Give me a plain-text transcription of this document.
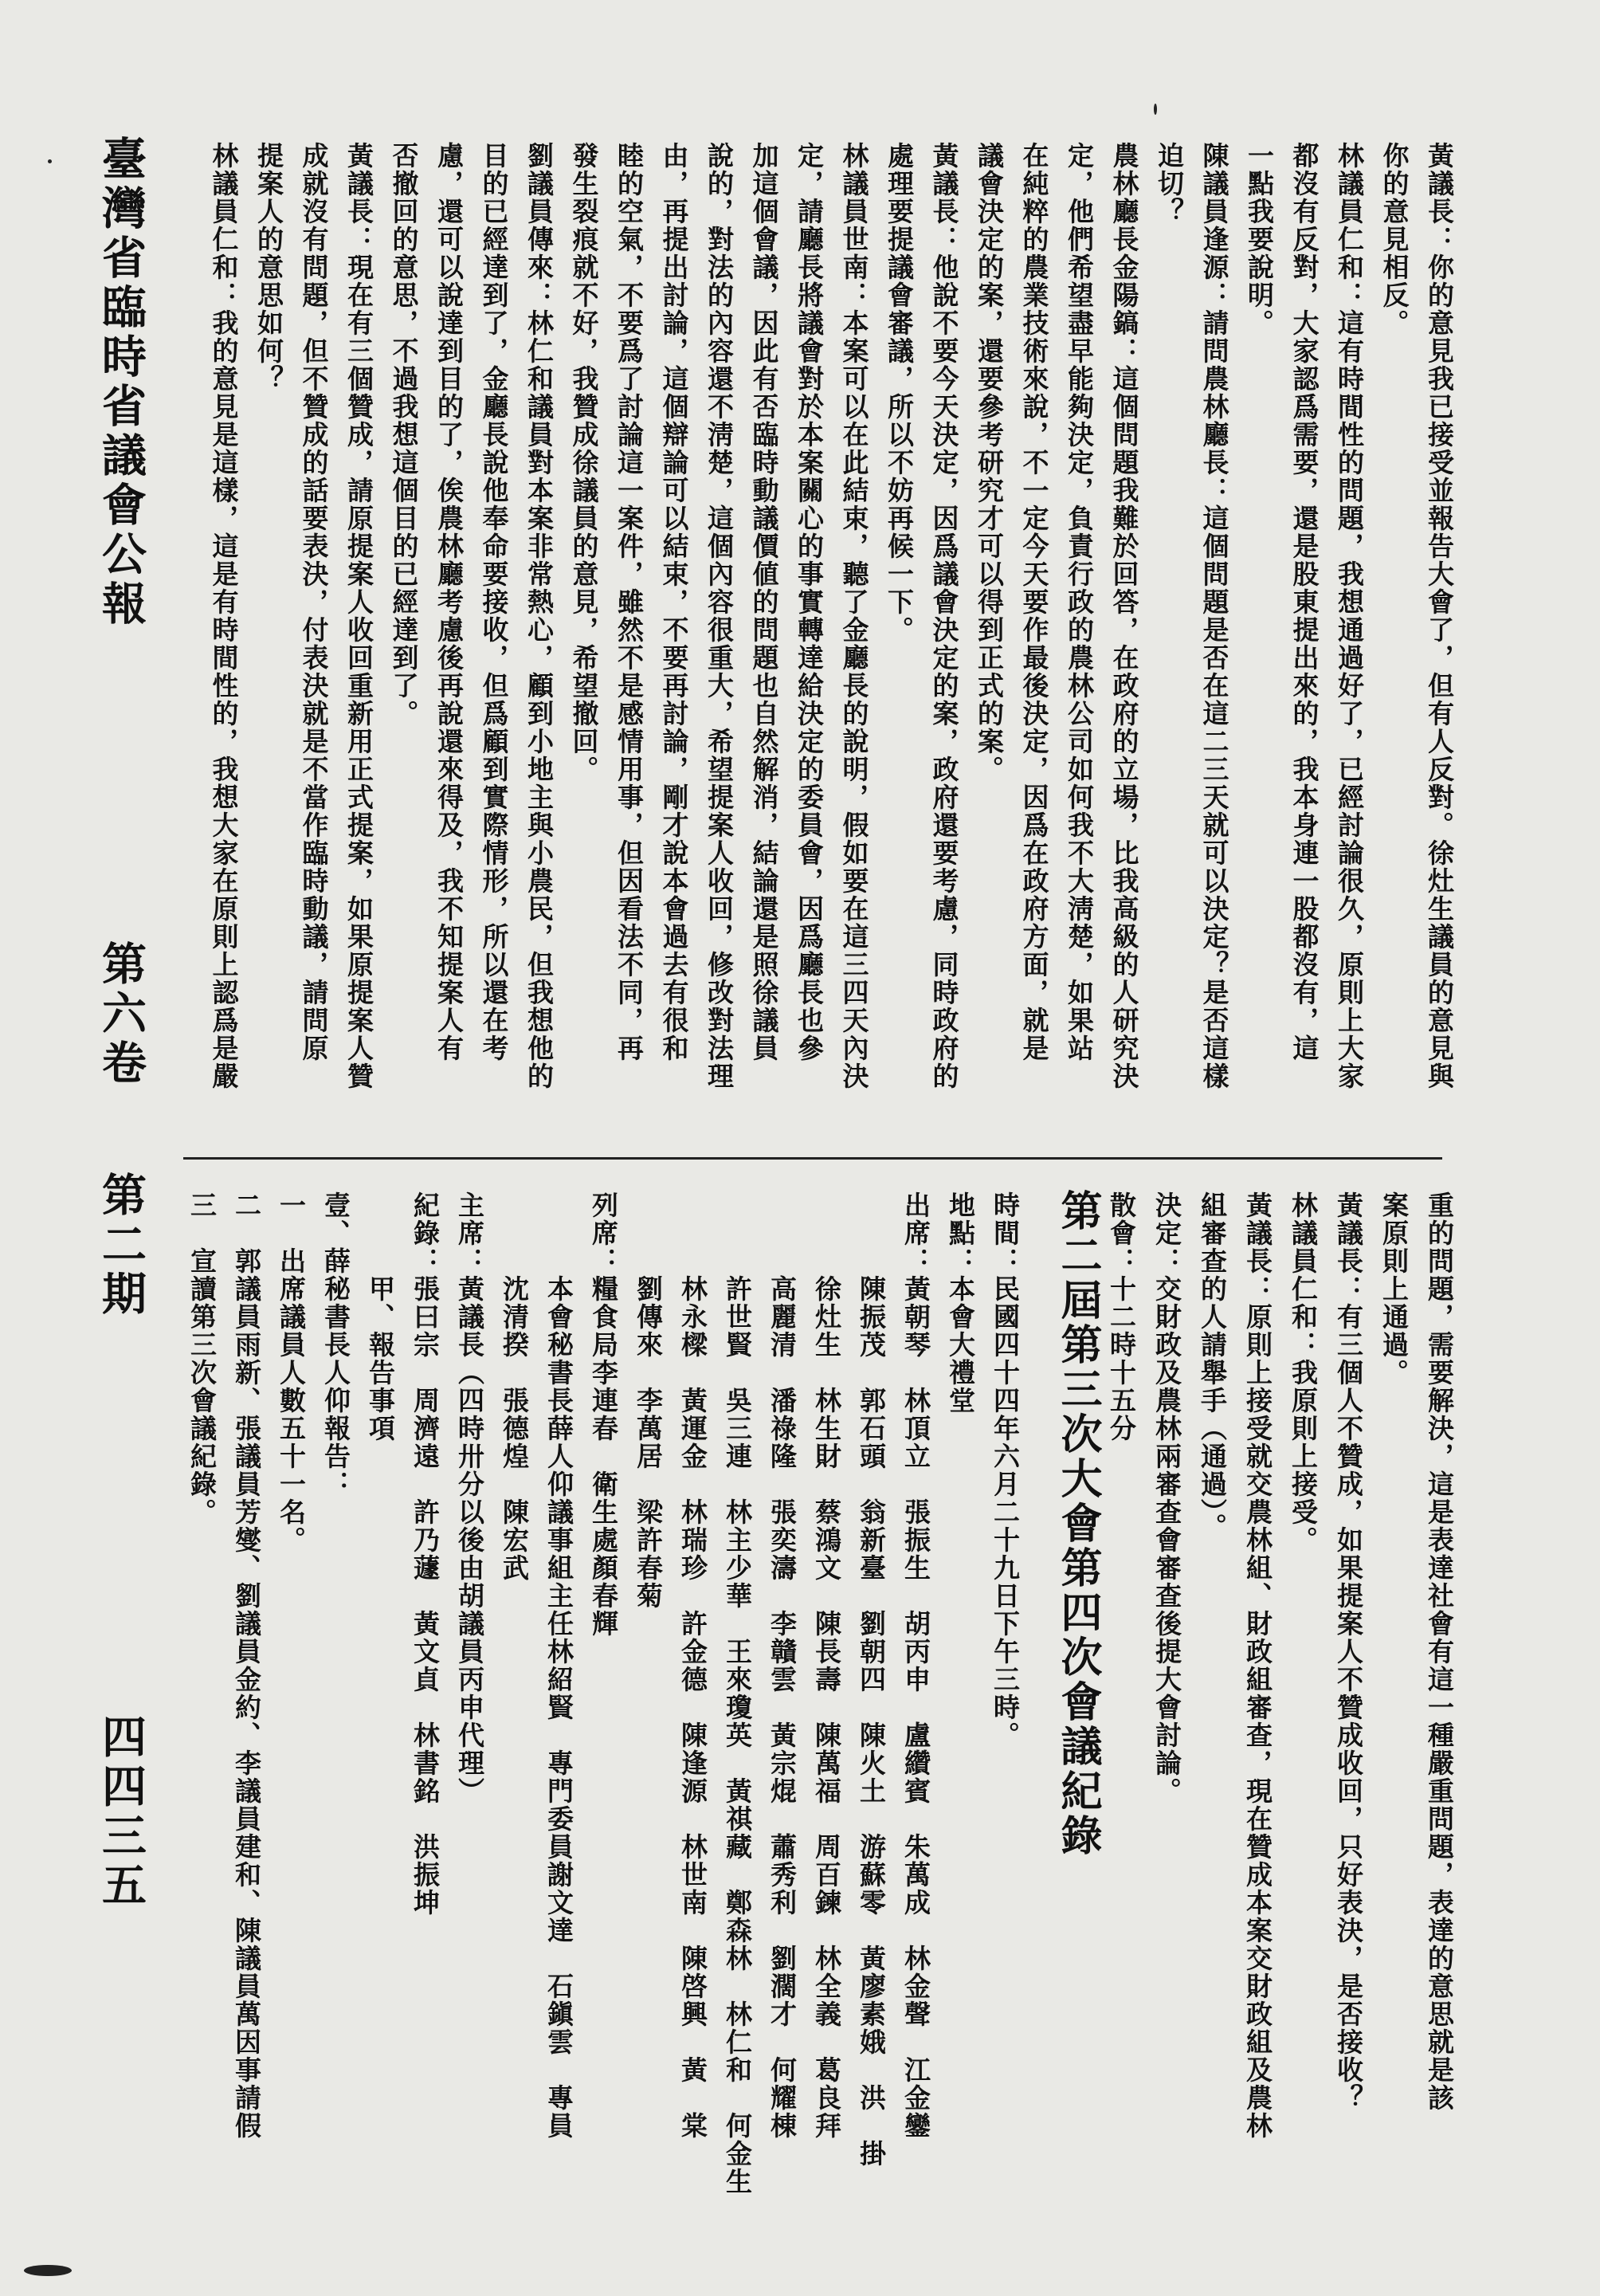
黃議長：你的意見我已接受並報告大會了，但有人反對。徐灶生議員的意見與
你的意見相反。
林議員仁和：這有時間性的問題，我想通過好了，已經討論很久，原則上大家
都沒有反對，大家認爲需要，還是股東提出來的，我本身連一股都沒有，這
一點我要說明。
陳議員逢源：請問農林廳長：這個問題是否在這二三天就可以決定？是否這樣
迫切？
農林廳長金陽鎬：這個問題我難於回答，在政府的立場，比我高級的人研究決
定，他們希望盡早能夠決定，負責行政的農林公司如何我不大淸楚，如果站
在純粹的農業技術來說，不一定今天要作最後決定，因爲在政府方面，就是
議會決定的案，還要參考研究才可以得到正式的案。
黃議長：他說不要今天決定，因爲議會決定的案，政府還要考慮，同時政府的
處理要提議會審議，所以不妨再候一下。
林議員世南：本案可以在此結束，聽了金廳長的說明，假如要在這三四天內決
定，請廳長將議會對於本案關心的事實轉達給決定的委員會，因爲廳長也參
加這個會議，因此有否臨時動議價値的問題也自然解消，結論還是照徐議員
說的，對法的內容還不淸楚，這個內容很重大，希望提案人收回，修改對法理
由，再提出討論，這個辯論可以結束，不要再討論，剛才說本會過去有很和
睦的空氣，不要爲了討論這一案件，雖然不是感情用事，但因看法不同，再
發生裂痕就不好，我贊成徐議員的意見，希望撤回。
劉議員傳來：林仁和議員對本案非常熱心，顧到小地主與小農民，但我想他的
目的已經達到了，金廳長說他奉命要接收，但爲顧到實際情形，所以還在考
慮，還可以說達到目的了，俟農林廳考慮後再說還來得及，我不知提案人有
否撤回的意思，不過我想這個目的已經達到了。
黃議長：現在有三個贊成，請原提案人收回重新用正式提案，如果原提案人贊
成就沒有問題，但不贊成的話要表決，付表決就是不當作臨時動議，請問原
提案人的意思如何？
林議員仁和：我的意見是這樣，這是有時間性的，我想大家在原則上認爲是嚴
重的問題，需要解決，這是表達社會有這一種嚴重問題，表達的意思就是該
案原則上通過。
黃議長：有三個人不贊成，如果提案人不贊成收回，只好表決，是否接收？
林議員仁和：我原則上接受。
黃議長：原則上接受就交農林組、財政組審查，現在贊成本案交財政組及農林
組審查的人請舉手（通過）。
決定：交財政及農林兩審查會審查後提大會討論。
散會：十二時十五分
第二屆第三次大會第四次會議紀錄
時間：民國四十四年六月二十九日下午三時。
地點：本會大禮堂
出席：黃朝琴　林頂立　張振生　胡丙申　盧纘賓　朱萬成　林金聲　江金鑾
　　　陳振茂　郭石頭　翁新臺　劉朝四　陳火土　游蘇零　黃廖素娥　洪　掛
　　　徐灶生　林生財　蔡鴻文　陳長壽　陳萬福　周百鍊　林全義　葛良拜
　　　高麗清　潘祿隆　張奕濤　李贛雲　黃宗焜　蕭秀利　劉濶才　何耀棟
　　　許世賢　吳三連　林主少華　王來瓊英　黃祺藏　鄭森林　林仁和　何金生
　　　林永樑　黃運金　林瑞珍　許金德　陳逢源　林世南　陳啓興　黃　棠
　　　劉傳來　李萬居　梁許春菊
列席：糧食局李連春　衛生處顏春輝
　　　本會秘書長薛人仰議事組主任林紹賢　專門委員謝文達　石鎭雲　專員
　　　沈清揆　張德煌　陳宏武
主席：黃議長（四時卅分以後由胡議員丙申代理）
紀錄：張曰宗　周濟遠　許乃蘧　黃文貞　林書銘　洪振坤
　　　甲、報告事項
壹、薛秘書長人仰報告：
一　出席議員人數五十一名。
二　郭議員雨新、張議員芳燮、劉議員金約、李議員建和、陳議員萬因事請假
三　宣讀第三次會議紀錄。
臺灣省臨時省議會公報
第六卷
第二期
四四三五
